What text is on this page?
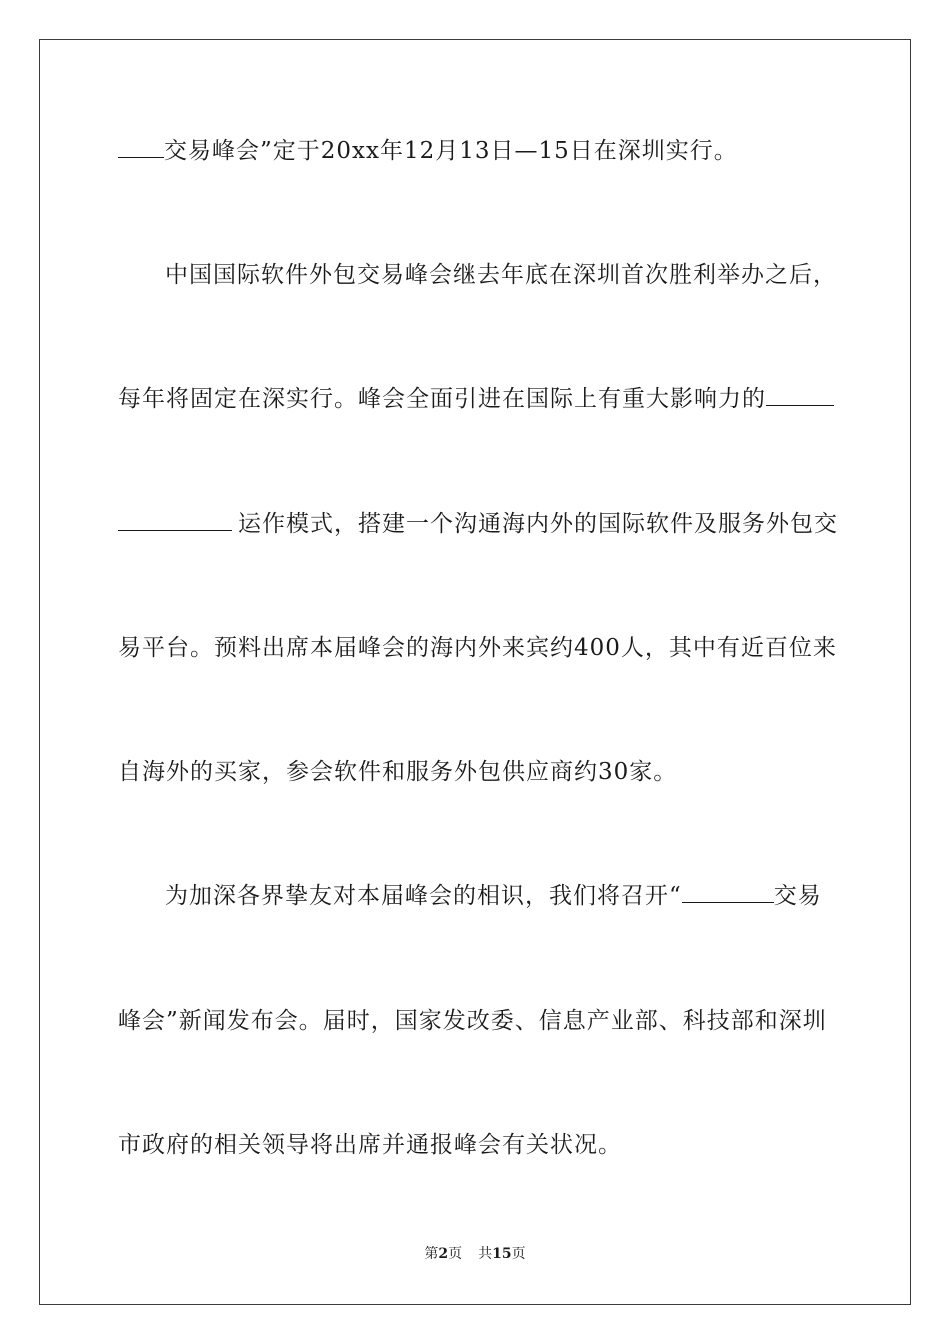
交易峰会”定于20xx年12月13日—15日在深圳实行。
中国国际软件外包交易峰会继去年底在深圳首次胜利举办之后，
每年将固定在深实行。峰会全面引进在国际上有重大影响力的
运作模式，搭建一个沟通海内外的国际软件及服务外包交
易平台。预料出席本届峰会的海内外来宾约400人，其中有近百位来
自海外的买家，参会软件和服务外包供应商约30家。
为加深各界挚友对本届峰会的相识，我们将召开“	交易
峰会”新闻发布会。届时，国家发改委、信息产业部、科技部和深圳
市政府的相关领导将出席并通报峰会有关状况。
第2页 共15页
